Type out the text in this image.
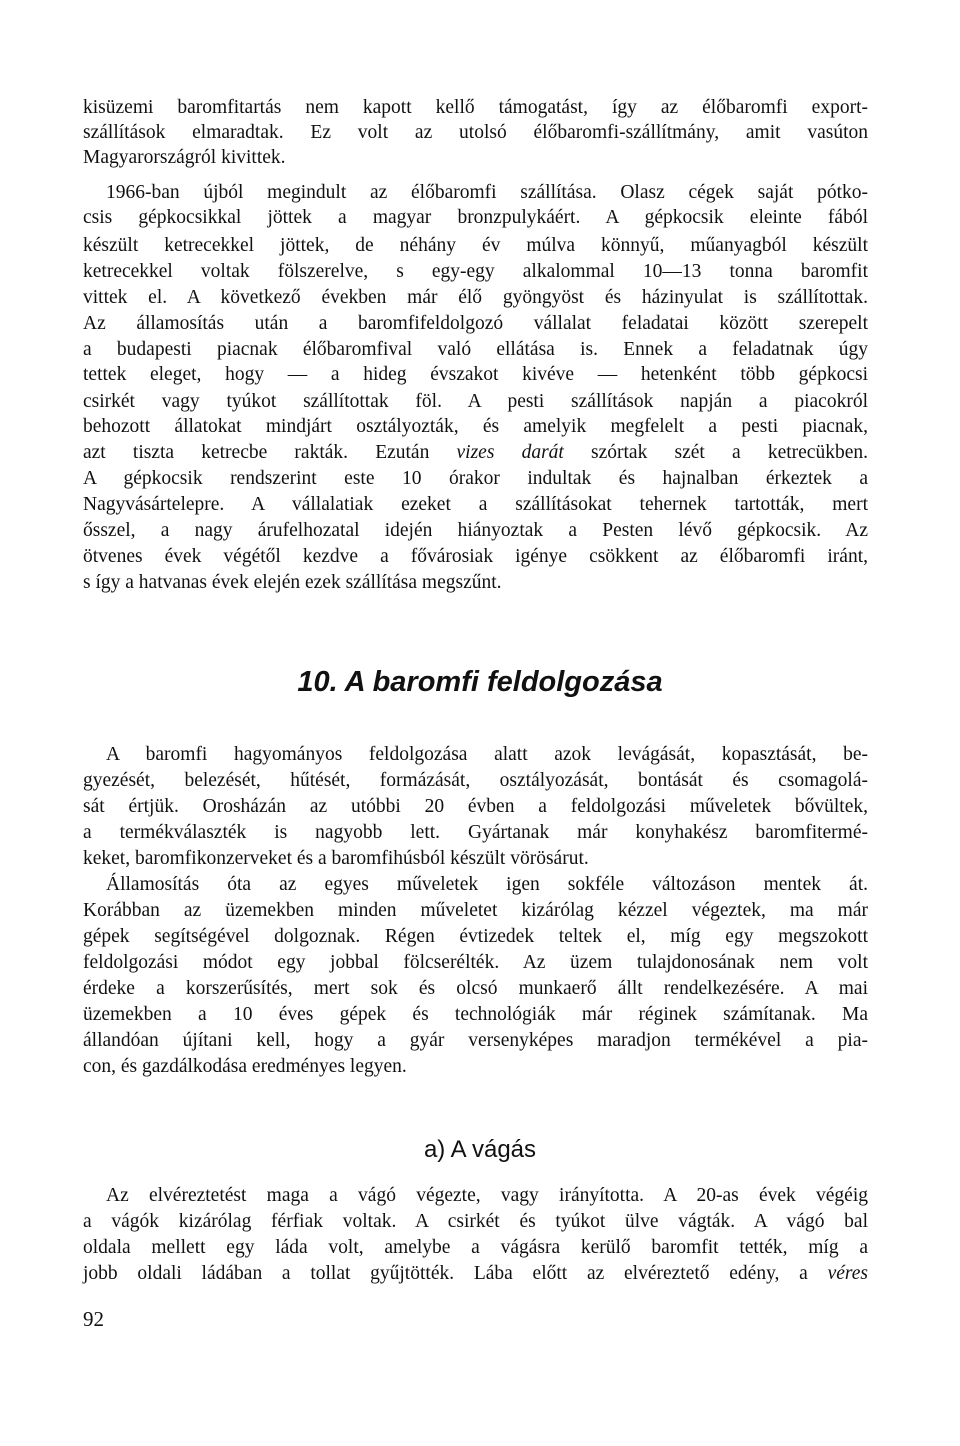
kisüzemi baromfitartás nem kapott kellő támogatást, így az élőbaromfi export-
szállítások elmaradtak. Ez volt az utolsó élőbaromfi-szállítmány, amit vasúton
Magyarországról kivittek.
1966-ban újból megindult az élőbaromfi szállítása. Olasz cégek saját pótko-
csis gépkocsikkal jöttek a magyar bronzpulykáért. A gépkocsik eleinte fából
készült ketrecekkel jöttek, de néhány év múlva könnyű, műanyagból készült
ketrecekkel voltak fölszerelve, s egy-egy alkalommal 10—13 tonna baromfit
vittek el. A következő években már élő gyöngyöst és házinyulat is szállítottak.
Az államosítás után a baromfifeldolgozó vállalat feladatai között szerepelt
a budapesti piacnak élőbaromfival való ellátása is. Ennek a feladatnak úgy
tettek eleget, hogy — a hideg évszakot kivéve — hetenként több gépkocsi
csirkét vagy tyúkot szállítottak föl. A pesti szállítások napján a piacokról
behozott állatokat mindjárt osztályozták, és amelyik megfelelt a pesti piacnak,
azt tiszta ketrecbe rakták. Ezután vizes darát szórtak szét a ketrecükben.
A gépkocsik rendszerint este 10 órakor indultak és hajnalban érkeztek a
Nagyvásártelepre. A vállalatiak ezeket a szállításokat tehernek tartották, mert
ősszel, a nagy árufelhozatal idején hiányoztak a Pesten lévő gépkocsik. Az
ötvenes évek végétől kezdve a fővárosiak igénye csökkent az élőbaromfi iránt,
s így a hatvanas évek elején ezek szállítása megszűnt.
10. A baromfi feldolgozása
A baromfi hagyományos feldolgozása alatt azok levágását, kopasztását, be-
gyezését, belezését, hűtését, formázását, osztályozását, bontását és csomagolá-
sát értjük. Orosházán az utóbbi 20 évben a feldolgozási műveletek bővültek,
a termékválaszték is nagyobb lett. Gyártanak már konyhakész baromfitermé-
keket, baromfikonzerveket és a baromfihúsból készült vörösárut.
Államosítás óta az egyes műveletek igen sokféle változáson mentek át.
Korábban az üzemekben minden műveletet kizárólag kézzel végeztek, ma már
gépek segítségével dolgoznak. Régen évtizedek teltek el, míg egy megszokott
feldolgozási módot egy jobbal fölcserélték. Az üzem tulajdonosának nem volt
érdeke a korszerűsítés, mert sok és olcsó munkaerő állt rendelkezésére. A mai
üzemekben a 10 éves gépek és technológiák már réginek számítanak. Ma
állandóan újítani kell, hogy a gyár versenyképes maradjon termékével a pia-
con, és gazdálkodása eredményes legyen.
a) A vágás
Az elvéreztetést maga a vágó végezte, vagy irányította. A 20-as évek végéig
a vágók kizárólag férfiak voltak. A csirkét és tyúkot ülve vágták. A vágó bal
oldala mellett egy láda volt, amelybe a vágásra kerülő baromfit tették, míg a
jobb oldali ládában a tollat gyűjtötték. Lába előtt az elvéreztető edény, a véres
92
